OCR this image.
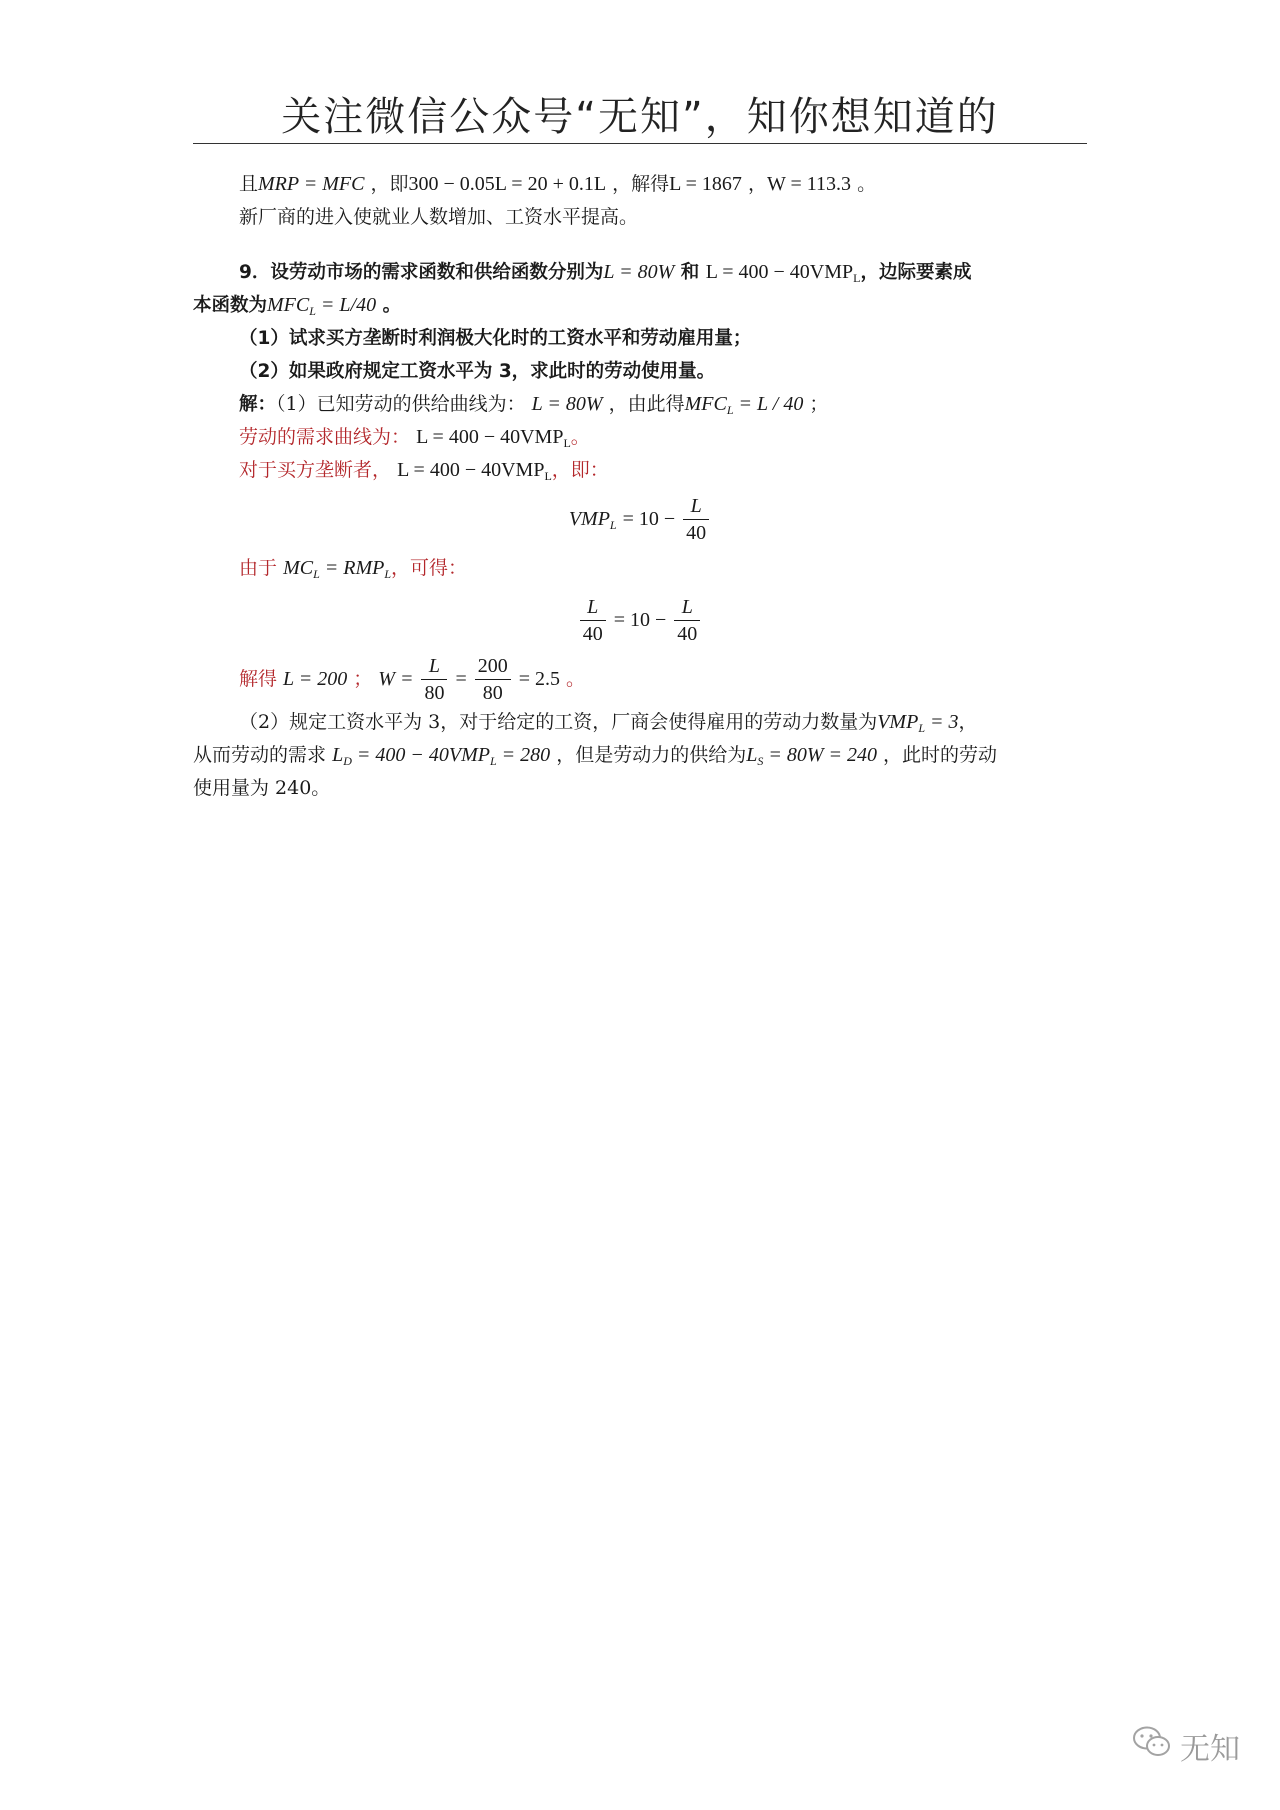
关注微信公众号“无知”，知你想知道的

且MRP = MFC ，即300 − 0.05L = 20 + 0.1L ，解得L = 1867 ，W = 113.3 。

新厂商的进入使就业人数增加、工资水平提高。

9．设劳动市场的需求函数和供给函数分别为L = 80W 和 $L = 400 - 40VMP_L$，边际要素成

本函数为$MFC_L = L/40$ 。

（1）试求买方垄断时利润极大化时的工资水平和劳动雇用量；

（2）如果政府规定工资水平为 3，求此时的劳动使用量。

解：（1）已知劳动的供给曲线为： L = 80W ，由此得$MFC_L = L / 40$ ；

劳动的需求曲线为： $L = 400 - 40VMP_L$。

对于买方垄断者， $L = 400 - 40VMP_L$，即：

$VMP_L = 10 - \frac{L}{40}$

由于 $MC_L = RMP_L$，可得：

$\frac{L}{40} = 10 - \frac{L}{40}$

解得 L = 200 ； $W = \frac{L}{80} = \frac{200}{80} = 2.5$ 。

（2）规定工资水平为 3，对于给定的工资，厂商会使得雇用的劳动力数量为$VMP_L = 3$，

从而劳动的需求 $L_D = 400 - 40VMP_L = 280$ ，但是劳动力的供给为$L_S = 80W = 240$ ，此时的劳动

使用量为 240。

无知
